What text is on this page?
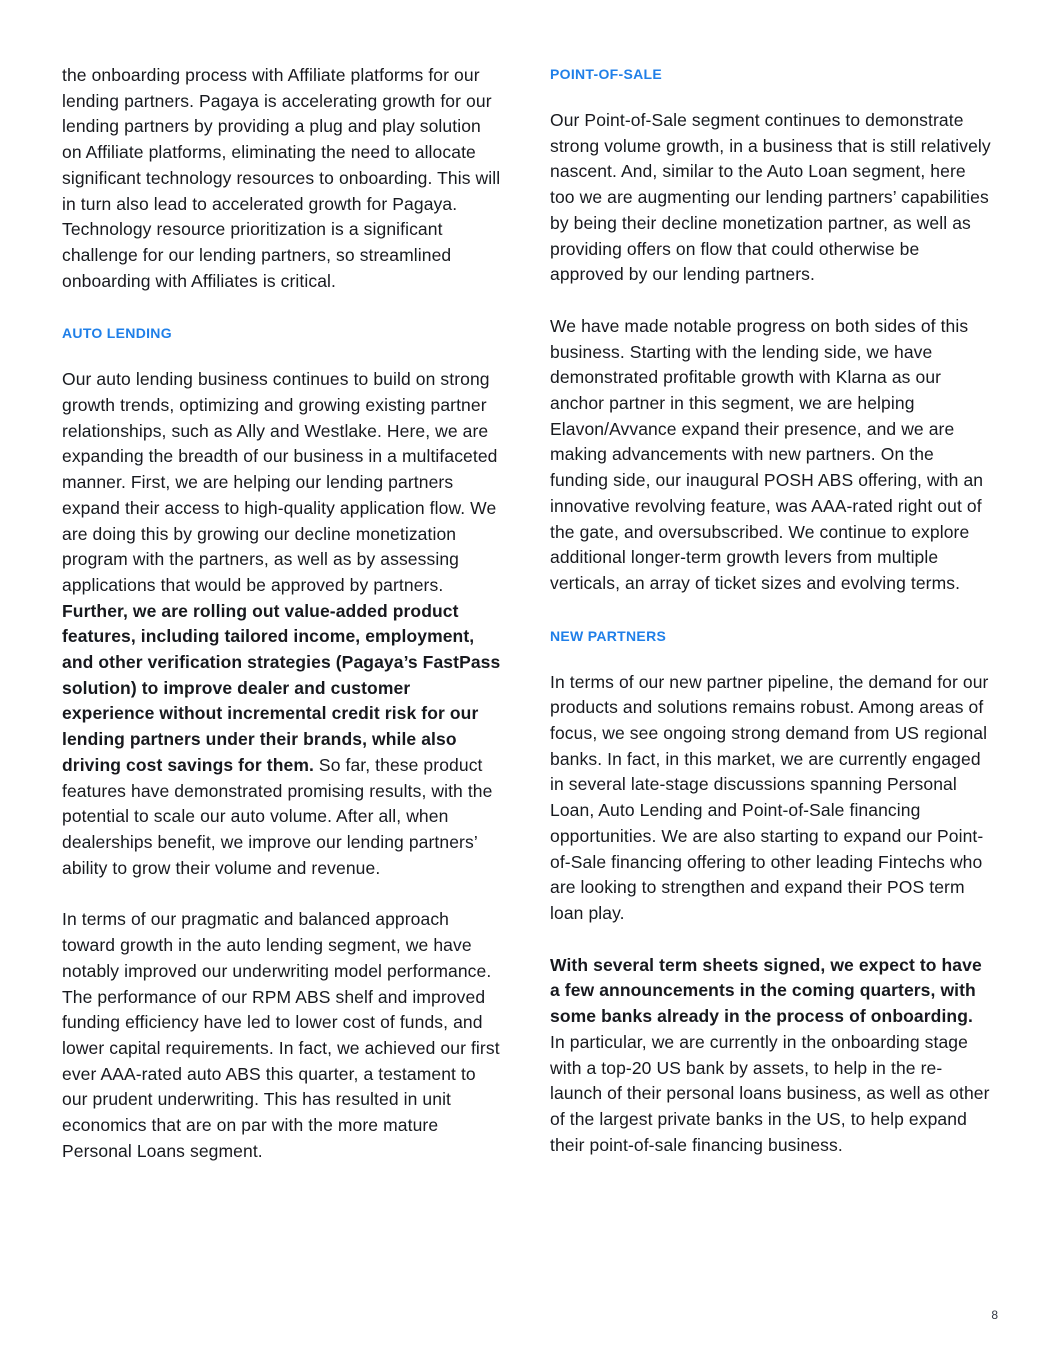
the onboarding process with Affiliate platforms for our lending partners. Pagaya is accelerating growth for our lending partners by providing a plug and play solution on Affiliate platforms, eliminating the need to allocate significant technology resources to onboarding. This will in turn also lead to accelerated growth for Pagaya. Technology resource prioritization is a significant challenge for our lending partners, so streamlined onboarding with Affiliates is critical.

AUTO LENDING

Our auto lending business continues to build on strong growth trends, optimizing and growing existing partner relationships, such as Ally and Westlake. Here, we are expanding the breadth of our business in a multifaceted manner. First, we are helping our lending partners expand their access to high-quality application flow. We are doing this by growing our decline monetization program with the partners, as well as by assessing applications that would be approved by partners. Further, we are rolling out value-added product features, including tailored income, employment, and other verification strategies (Pagaya’s FastPass solution) to improve dealer and customer experience without incremental credit risk for our lending partners under their brands, while also driving cost savings for them. So far, these product features have demonstrated promising results, with the potential to scale our auto volume. After all, when dealerships benefit, we improve our lending partners’ ability to grow their volume and revenue.

In terms of our pragmatic and balanced approach toward growth in the auto lending segment, we have notably improved our underwriting model performance. The performance of our RPM ABS shelf and improved funding efficiency have led to lower cost of funds, and lower capital requirements. In fact, we achieved our first ever AAA-rated auto ABS this quarter, a testament to our prudent underwriting. This has resulted in unit economics that are on par with the more mature Personal Loans segment.

POINT-OF-SALE

Our Point-of-Sale segment continues to demonstrate strong volume growth, in a business that is still relatively nascent. And, similar to the Auto Loan segment, here too we are augmenting our lending partners’ capabilities by being their decline monetization partner, as well as providing offers on flow that could otherwise be approved by our lending partners.

We have made notable progress on both sides of this business. Starting with the lending side, we have demonstrated profitable growth with Klarna as our anchor partner in this segment, we are helping Elavon/Avvance expand their presence, and we are making advancements with new partners. On the funding side, our inaugural POSH ABS offering, with an innovative revolving feature, was AAA-rated right out of the gate, and oversubscribed. We continue to explore additional longer-term growth levers from multiple verticals, an array of ticket sizes and evolving terms.

NEW PARTNERS

In terms of our new partner pipeline, the demand for our products and solutions remains robust. Among areas of focus, we see ongoing strong demand from US regional banks. In fact, in this market, we are currently engaged in several late-stage discussions spanning Personal Loan, Auto Lending and Point-of-Sale financing opportunities. We are also starting to expand our Point-of-Sale financing offering to other leading Fintechs who are looking to strengthen and expand their POS term loan play.

With several term sheets signed, we expect to have a few announcements in the coming quarters, with some banks already in the process of onboarding. In particular, we are currently in the onboarding stage with a top-20 US bank by assets, to help in the re-launch of their personal loans business, as well as other of the largest private banks in the US, to help expand their point-of-sale financing business.

8
